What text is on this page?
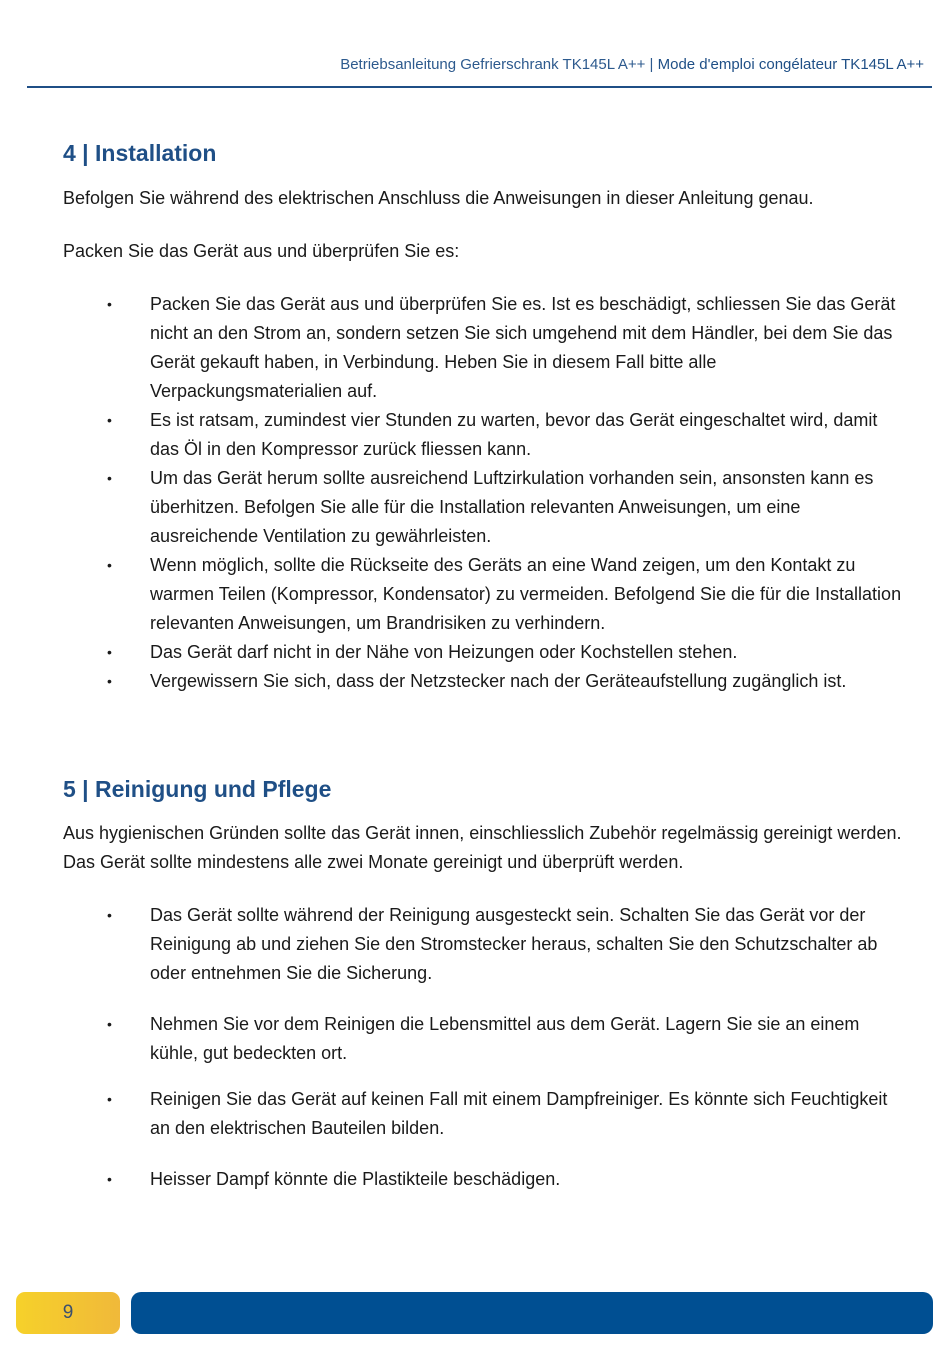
Betriebsanleitung Gefrierschrank TK145L A++ | Mode d'emploi congélateur TK145L A++
4 | Installation

Befolgen Sie während des elektrischen Anschluss die Anweisungen in dieser Anleitung genau.

Packen Sie das Gerät aus und überprüfen Sie es:

• Packen Sie das Gerät aus und überprüfen Sie es. Ist es beschädigt, schliessen Sie das Gerät nicht an den Strom an, sondern setzen Sie sich umgehend mit dem Händler, bei dem Sie das Gerät gekauft haben, in Verbindung. Heben Sie in diesem Fall bitte alle Verpackungsmaterialien auf.
• Es ist ratsam, zumindest vier Stunden zu warten, bevor das Gerät eingeschaltet wird, damit das Öl in den Kompressor zurück fliessen kann.
• Um das Gerät herum sollte ausreichend Luftzirkulation vorhanden sein, ansonsten kann es überhitzen. Befolgen Sie alle für die Installation relevanten Anweisungen, um eine ausreichende Ventilation zu gewährleisten.
• Wenn möglich, sollte die Rückseite des Geräts an eine Wand zeigen, um den Kontakt zu warmen Teilen (Kompressor, Kondensator) zu vermeiden. Befolgend Sie die für die Installation relevanten Anweisungen, um Brandrisiken zu verhindern.
• Das Gerät darf nicht in der Nähe von Heizungen oder Kochstellen stehen.
• Vergewissern Sie sich, dass der Netzstecker nach der Geräteaufstellung zugänglich ist.
5 | Reinigung und Pflege

Aus hygienischen Gründen sollte das Gerät innen, einschliesslich Zubehör regelmässig gereinigt werden. Das Gerät sollte mindestens alle zwei Monate gereinigt und überprüft werden.

• Das Gerät sollte während der Reinigung ausgesteckt sein. Schalten Sie das Gerät vor der Reinigung ab und ziehen Sie den Stromstecker heraus, schalten Sie den Schutzschalter ab oder entnehmen Sie die Sicherung.
• Nehmen Sie vor dem Reinigen die Lebensmittel aus dem Gerät. Lagern Sie sie an einem kühle, gut bedeckten ort.
• Reinigen Sie das Gerät auf keinen Fall mit einem Dampfreiniger. Es könnte sich Feuchtigkeit an den elektrischen Bauteilen bilden.
• Heisser Dampf könnte die Plastikteile beschädigen.
9
